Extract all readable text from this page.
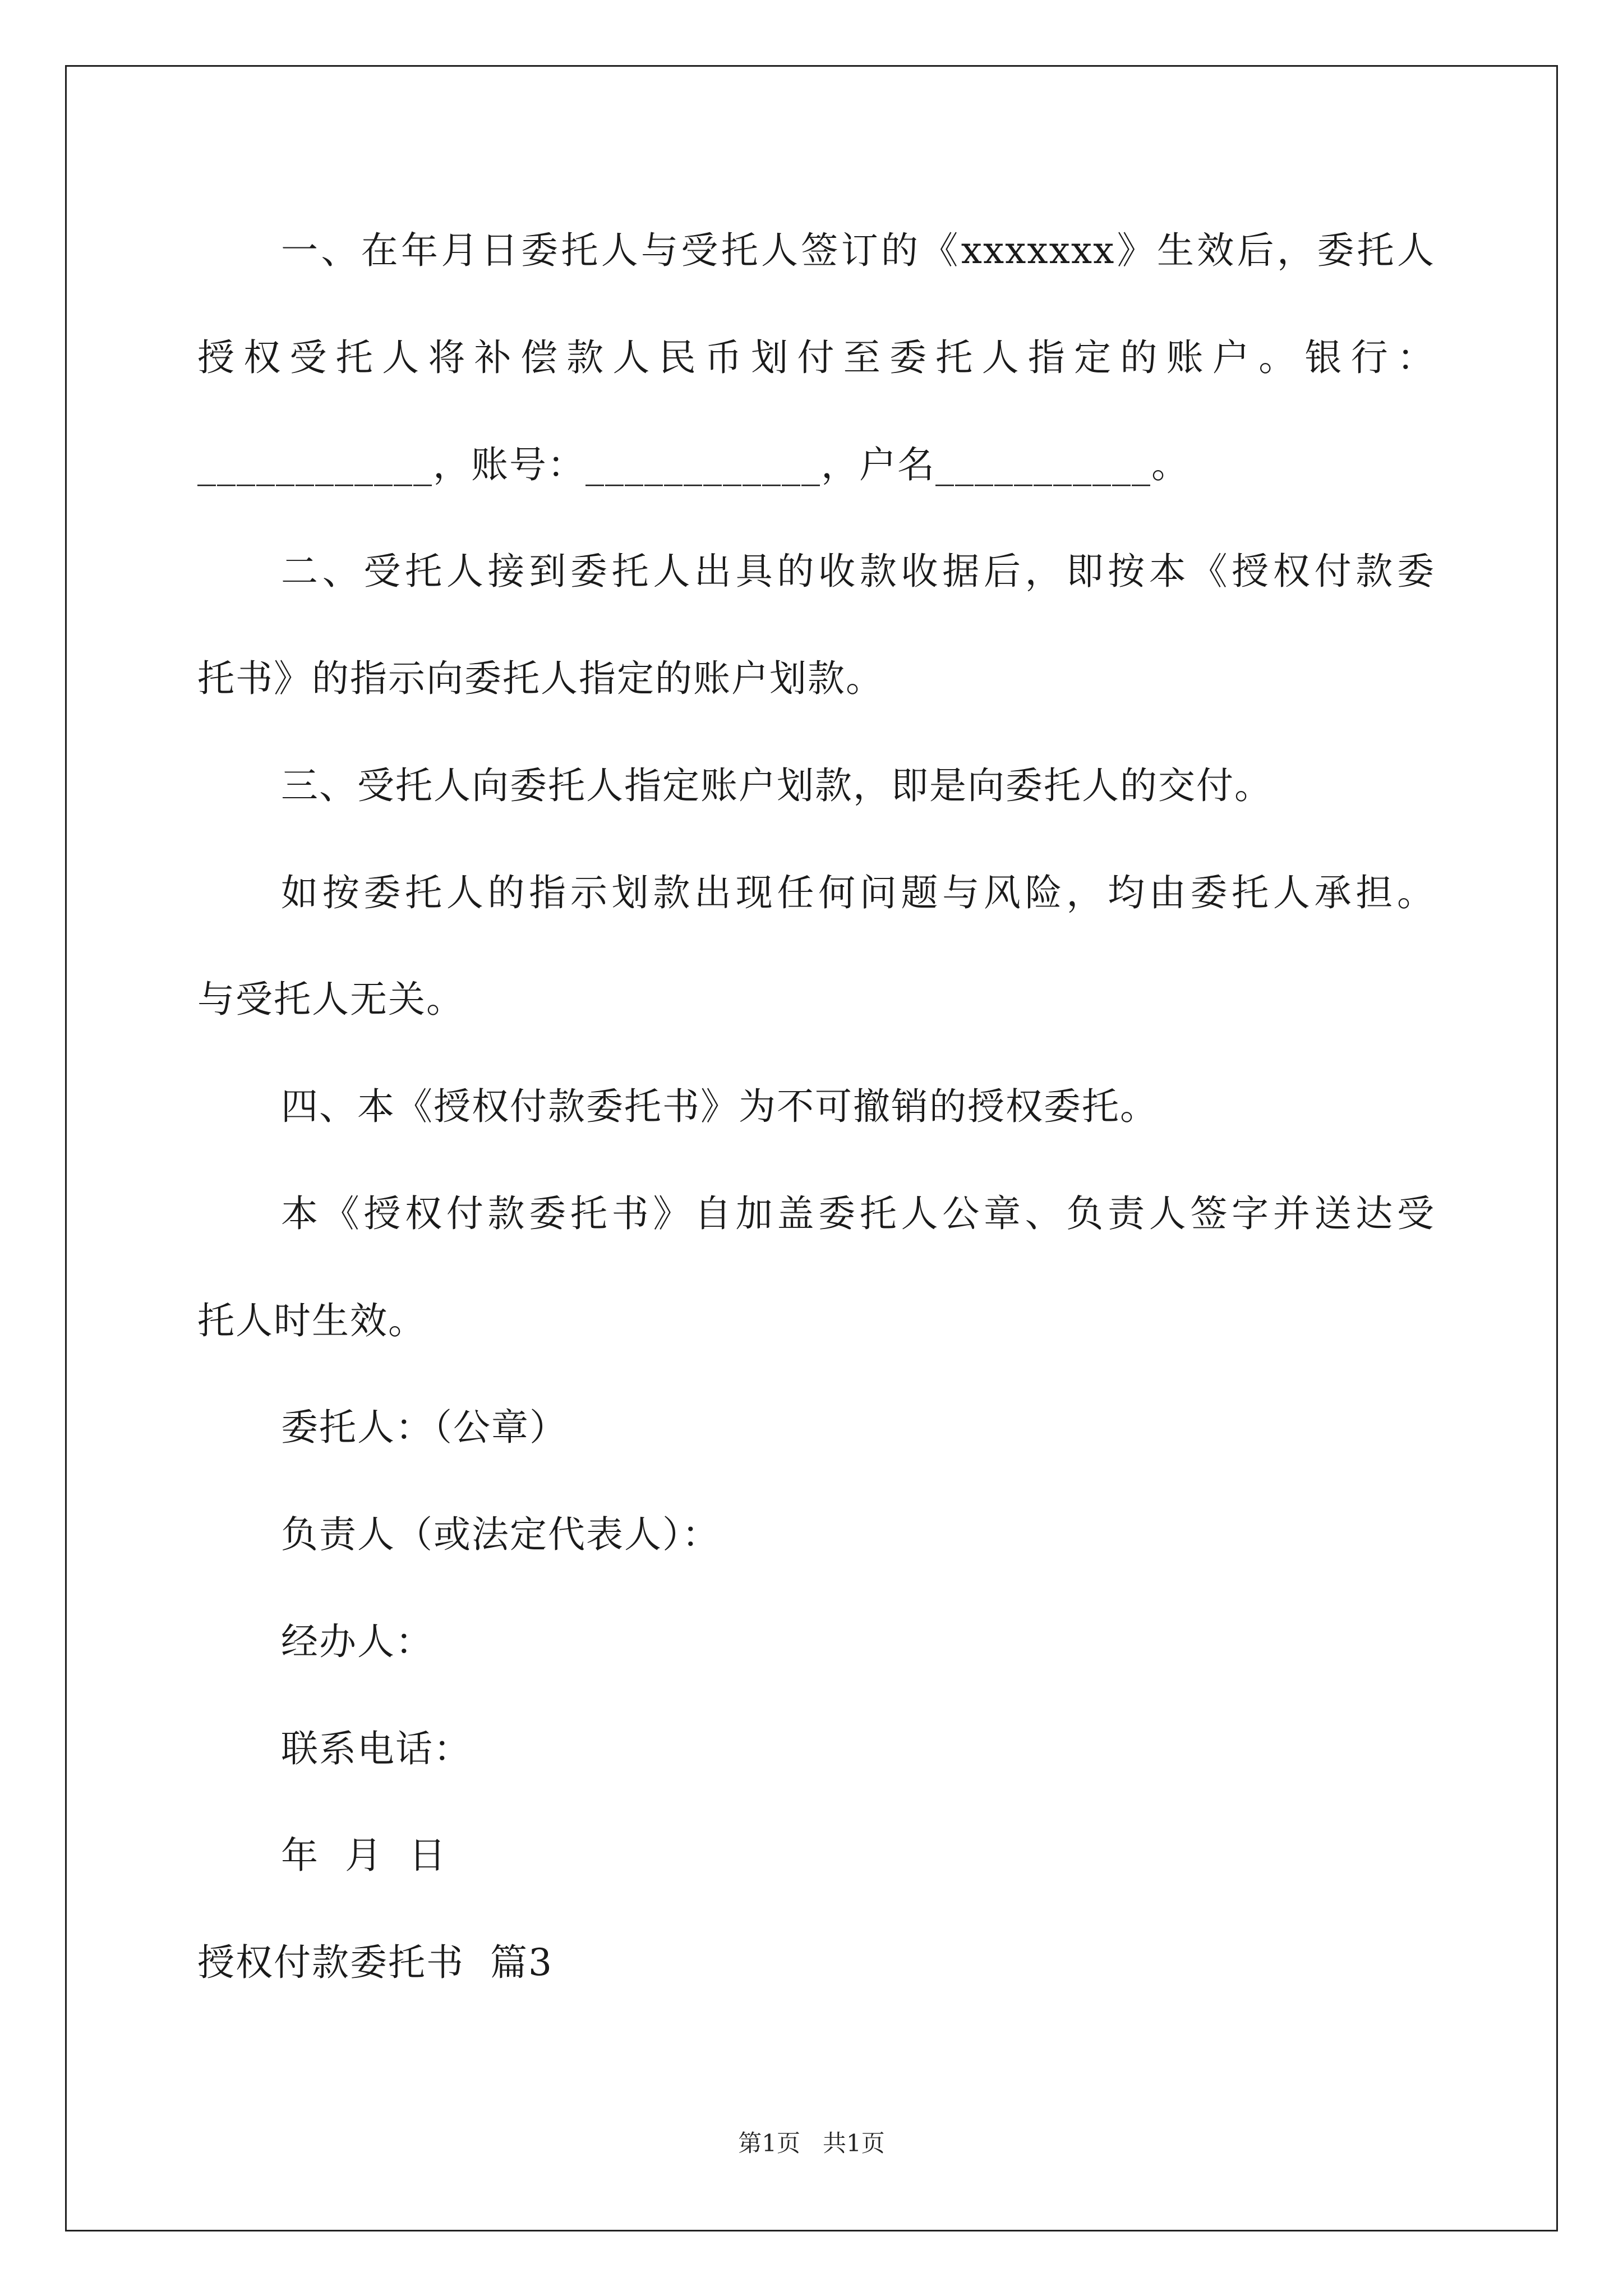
一、在年月日委托人与受托人签订的《xxxxxxx》生效后，委托人
授权受托人将补偿款人民币划付至委托人指定的账户。银行：
____________，账号：____________，户名___________。
二、受托人接到委托人出具的收款收据后，即按本《授权付款委
托书》的指示向委托人指定的账户划款。
三、受托人向委托人指定账户划款，即是向委托人的交付。
如按委托人的指示划款出现任何问题与风险，均由委托人承担。
与受托人无关。
四、本《授权付款委托书》为不可撤销的授权委托。
本《授权付款委托书》自加盖委托人公章、负责人签字并送达受
托人时生效。
委托人：（公章）
负责人（或法定代表人）：
经办人：
联系电话：
年  月  日
授权付款委托书  篇3
第1页   共1页
